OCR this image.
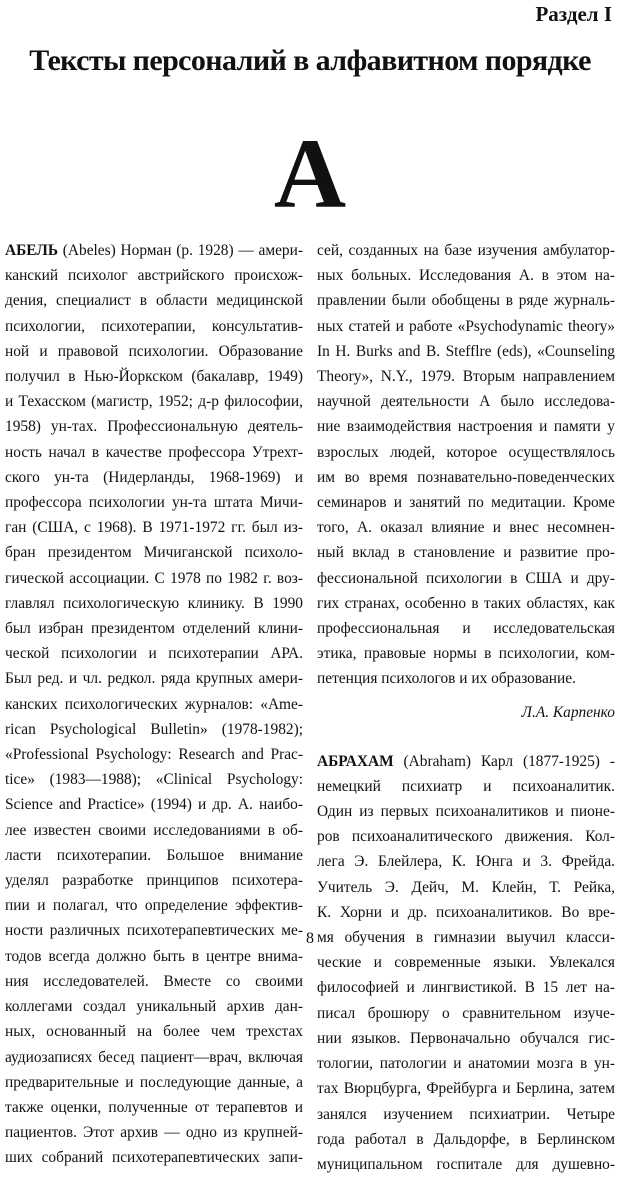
Раздел I
Тексты персоналий в алфавитном порядке
А
АБЕЛЬ (Abeles) Норман (р. 1928) — амери-
канский психолог австрийского происхож-
дения, специалист в области медицинской
психологии, психотерапии, консультатив-
ной и правовой психологии. Образование
получил в Нью-Йоркском (бакалавр, 1949)
и Техасском (магистр, 1952; д-р философии,
1958) ун-тах. Профессиональную деятель-
ность начал в качестве профессора Утрехт-
ского ун-та (Нидерланды, 1968-1969) и
профессора психологии ун-та штата Мичи-
ган (США, с 1968). В 1971-1972 гг. был из-
бран президентом Мичиганской психоло-
гической ассоциации. С 1978 по 1982 г. воз-
главлял психологическую клинику. В 1990
был избран президентом отделений клини-
ческой психологии и психотерапии АРА.
Был ред. и чл. редкол. ряда крупных амери-
канских психологических журналов: «Ame-
rican Psychological Bulletin» (1978-1982);
«Professional Psychology: Research and Prac-
tice» (1983—1988); «Clinical Psychology:
Science and Practice» (1994) и др. А. наибо-
лее известен своими исследованиями в об-
ласти психотерапии. Большое внимание
уделял разработке принципов психотера-
пии и полагал, что определение эффектив-
ности различных психотерапевтических ме-
тодов всегда должно быть в центре внима-
ния исследователей. Вместе со своими
коллегами создал уникальный архив дан-
ных, основанный на более чем трехстах
аудиозаписях бесед пациент—врач, включая
предварительные и последующие данные, а
также оценки, полученные от терапевтов и
пациентов. Этот архив — одно из крупней-
ших собраний психотерапевтических запи-
сей, созданных на базе изучения амбулатор-
ных больных. Исследования А. в этом на-
правлении были обобщены в ряде журналь-
ных статей и работе «Psychodynamic theory»
In H. Burks and B. Stefflre (eds), «Counseling
Theory», N.Y., 1979. Вторым направлением
научной деятельности А было исследова-
ние взаимодействия настроения и памяти у
взрослых людей, которое осуществлялось
им во время познавательно-поведенческих
семинаров и занятий по медитации. Кроме
того, А. оказал влияние и внес несомнен-
ный вклад в становление и развитие про-
фессиональной психологии в США и дру-
гих странах, особенно в таких областях, как
профессиональная и исследовательская
этика, правовые нормы в психологии, ком-
петенция психологов и их образование.
Л.А. Карпенко
АБРАХАМ (Abraham) Карл (1877-1925) -
немецкий психиатр и психоаналитик.
Один из первых психоаналитиков и пионе-
ров психоаналитического движения. Кол-
лега Э. Блейлера, К. Юнга и 3. Фрейда.
Учитель Э. Дейч, М. Клейн, Т. Рейка,
К. Хорни и др. психоаналитиков. Во вре-
мя обучения в гимназии выучил класси-
ческие и современные языки. Увлекался
философией и лингвистикой. В 15 лет на-
писал брошюру о сравнительном изуче-
нии языков. Первоначально обучался гис-
тологии, патологии и анатомии мозга в ун-
тах Вюрцбурга, Фрейбурга и Берлина, затем
занялся изучением психиатрии. Четыре
года работал в Дальдорфе, в Берлинском
муниципальном госпитале для душевно-
8
